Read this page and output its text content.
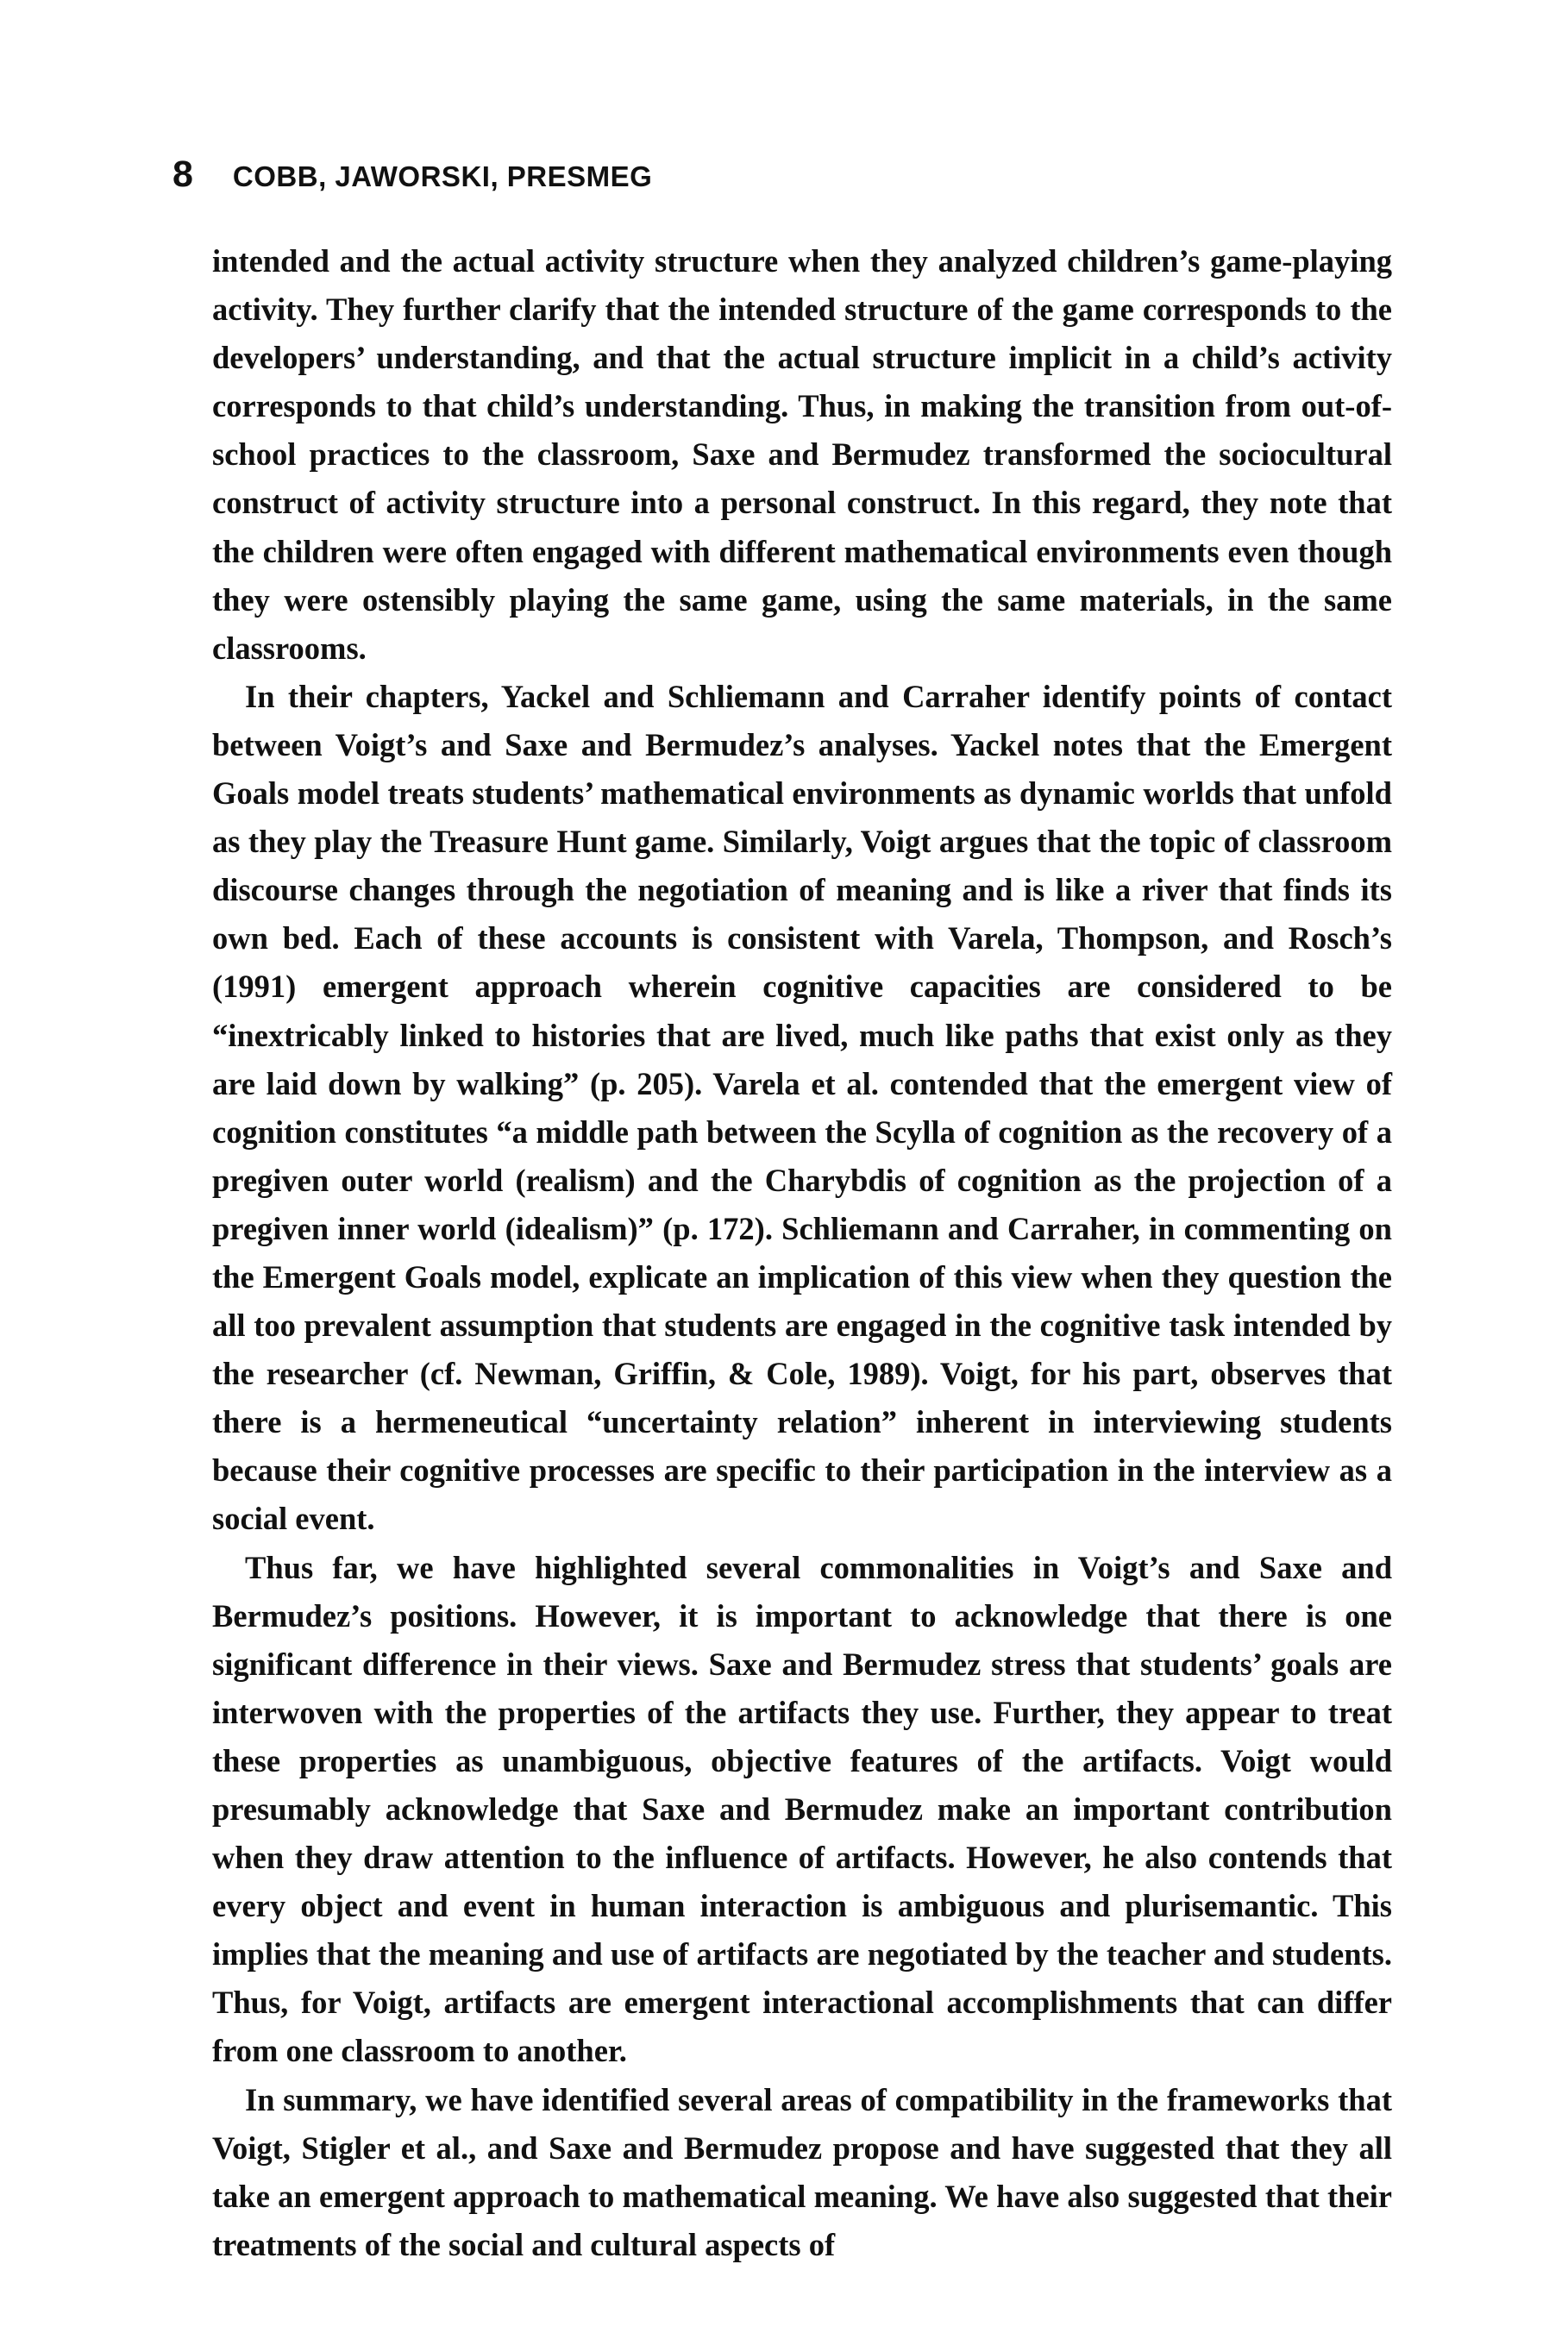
8 COBB, JAWORSKI, PRESMEG

intended and the actual activity structure when they analyzed children’s game-playing activity. They further clarify that the intended structure of the game corresponds to the developers’ understanding, and that the actual structure implicit in a child’s activity corresponds to that child’s understanding. Thus, in making the transition from out-of-school practices to the classroom, Saxe and Bermudez transformed the sociocultural construct of activity structure into a personal construct. In this regard, they note that the children were often engaged with different mathematical environments even though they were ostensibly playing the same game, using the same materials, in the same classrooms.

In their chapters, Yackel and Schliemann and Carraher identify points of contact between Voigt’s and Saxe and Bermudez’s analyses. Yackel notes that the Emergent Goals model treats students’ mathematical environments as dynamic worlds that unfold as they play the Treasure Hunt game. Similarly, Voigt argues that the topic of classroom discourse changes through the negotiation of meaning and is like a river that finds its own bed. Each of these accounts is consistent with Varela, Thompson, and Rosch’s (1991) emergent approach wherein cognitive capacities are considered to be “inextricably linked to histories that are lived, much like paths that exist only as they are laid down by walking” (p. 205). Varela et al. contended that the emergent view of cognition constitutes “a middle path between the Scylla of cognition as the recovery of a pregiven outer world (realism) and the Charybdis of cognition as the projection of a pregiven inner world (idealism)” (p. 172). Schliemann and Carraher, in commenting on the Emergent Goals model, explicate an implication of this view when they question the all too prevalent assumption that students are engaged in the cognitive task intended by the researcher (cf. Newman, Griffin, & Cole, 1989). Voigt, for his part, observes that there is a hermeneutical “uncertainty relation” inherent in interviewing students because their cognitive processes are specific to their participation in the interview as a social event.

Thus far, we have highlighted several commonalities in Voigt’s and Saxe and Bermudez’s positions. However, it is important to acknowledge that there is one significant difference in their views. Saxe and Bermudez stress that students’ goals are interwoven with the properties of the artifacts they use. Further, they appear to treat these properties as unambiguous, objective features of the artifacts. Voigt would presumably acknowledge that Saxe and Bermudez make an important contribution when they draw attention to the influence of artifacts. However, he also contends that every object and event in human interaction is ambiguous and plurisemantic. This implies that the meaning and use of artifacts are negotiated by the teacher and students. Thus, for Voigt, artifacts are emergent interactional accomplishments that can differ from one classroom to another.

In summary, we have identified several areas of compatibility in the frameworks that Voigt, Stigler et al., and Saxe and Bermudez propose and have suggested that they all take an emergent approach to mathematical meaning. We have also suggested that their treatments of the social and cultural aspects of
